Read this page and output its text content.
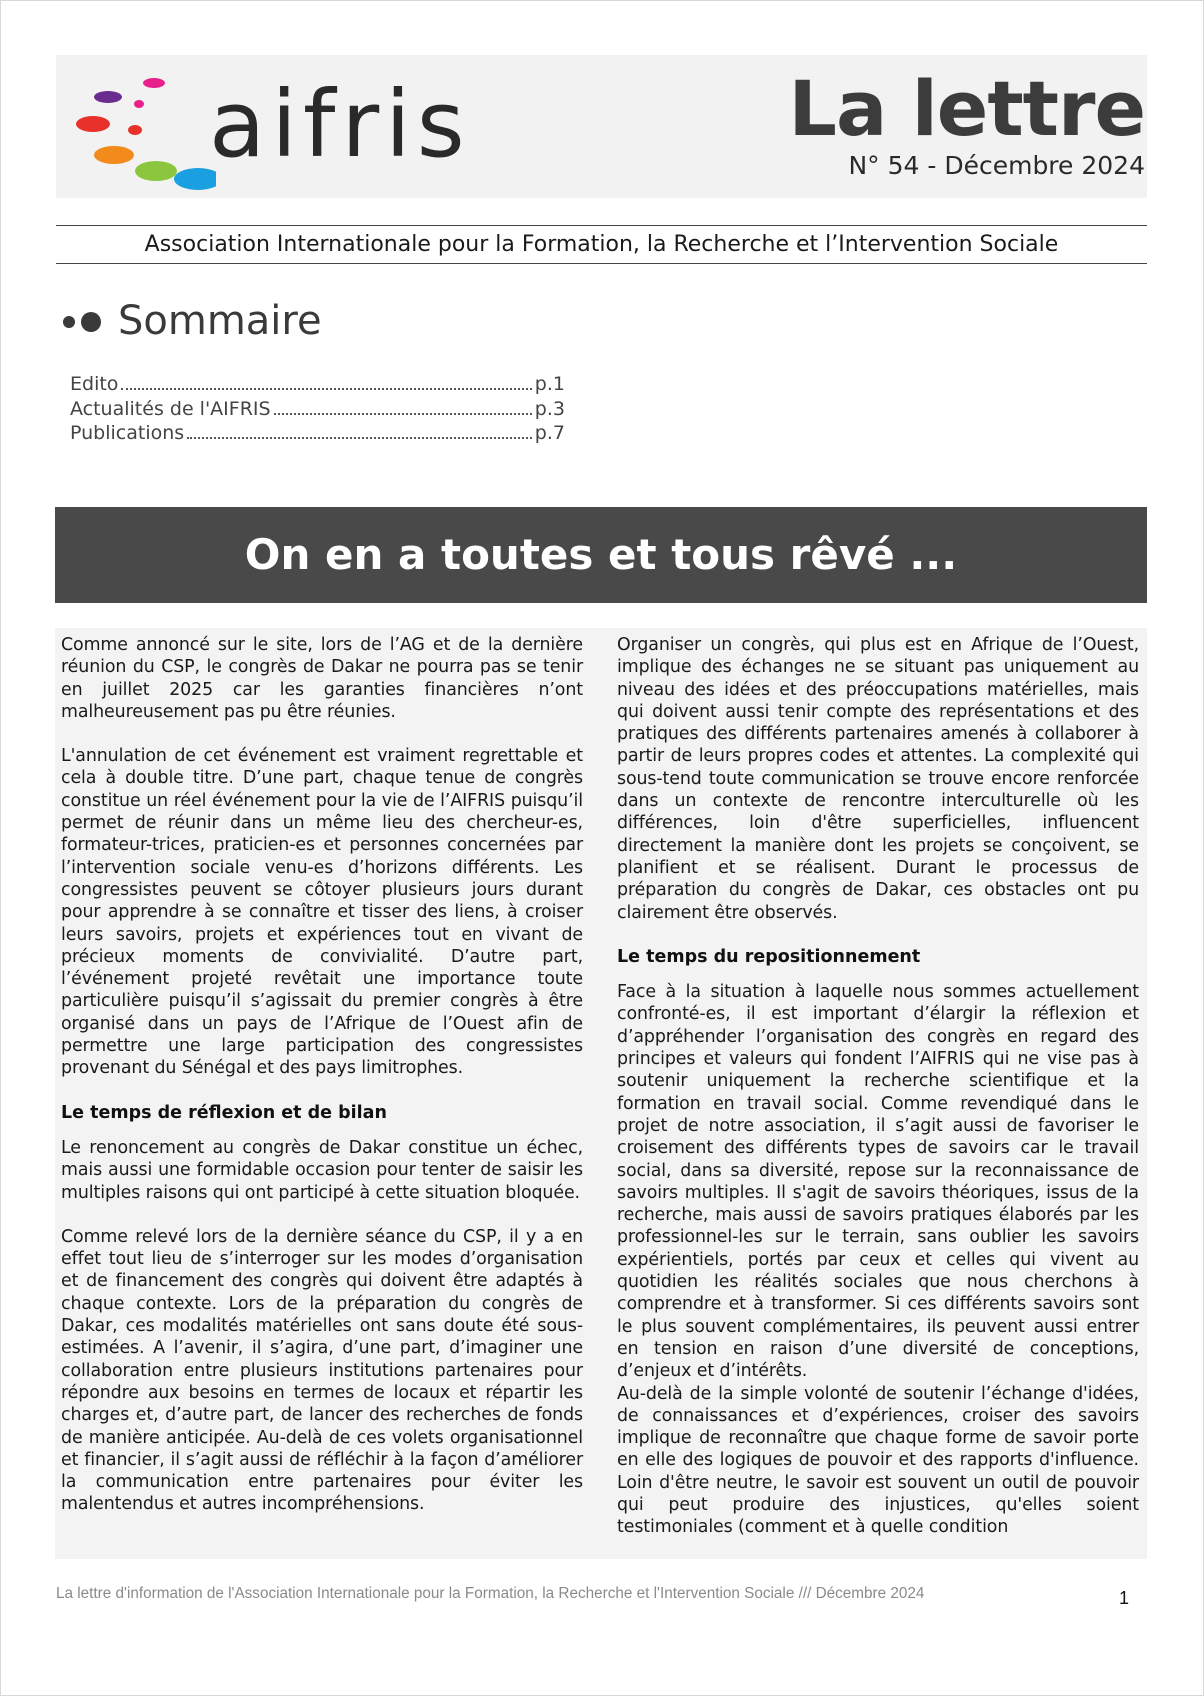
aifris	La lettre
N° 54 - Décembre 2024
Association Internationale pour la Formation, la Recherche et l’Intervention Sociale
Sommaire
Edito	p.1
Actualités de l'AIFRIS	p.3
Publications	p.7
On en a toutes et tous rêvé ...

Comme annoncé sur le site, lors de l’AG et de la dernière réunion du CSP, le congrès de Dakar ne pourra pas se tenir en juillet 2025 car les garanties financières n’ont malheureusement pas pu être réunies.

L'annulation de cet événement est vraiment regrettable et cela à double titre. D’une part, chaque tenue de congrès constitue un réel événement pour la vie de l’AIFRIS puisqu’il permet de réunir dans un même lieu des chercheur-es, formateur-trices, praticien-es et personnes concernées par l’intervention sociale venu-es d’horizons différents. Les congressistes peuvent se côtoyer plusieurs jours durant pour apprendre à se connaître et tisser des liens, à croiser leurs savoirs, projets et expériences tout en vivant de précieux moments de convivialité. D’autre part, l’événement projeté revêtait une importance toute particulière puisqu’il s’agissait du premier congrès à être organisé dans un pays de l’Afrique de l’Ouest afin de permettre une large participation des congressistes provenant du Sénégal et des pays limitrophes.

Le temps de réflexion et de bilan

Le renoncement au congrès de Dakar constitue un échec, mais aussi une formidable occasion pour tenter de saisir les multiples raisons qui ont participé à cette situation bloquée.

Comme relevé lors de la dernière séance du CSP, il y a en effet tout lieu de s’interroger sur les modes d’organisation et de financement des congrès qui doivent être adaptés à chaque contexte. Lors de la préparation du congrès de Dakar, ces modalités matérielles ont sans doute été sous-estimées. A l’avenir, il s’agira, d’une part, d’imaginer une collaboration entre plusieurs institutions partenaires pour répondre aux besoins en termes de locaux et répartir les charges et, d’autre part, de lancer des recherches de fonds de manière anticipée. Au-delà de ces volets organisationnel et financier, il s’agit aussi de réfléchir à la façon d’améliorer la communication entre partenaires pour éviter les malentendus et autres incompréhensions.

Organiser un congrès, qui plus est en Afrique de l’Ouest, implique des échanges ne se situant pas uniquement au niveau des idées et des préoccupations matérielles, mais qui doivent aussi tenir compte des représentations et des pratiques des différents partenaires amenés à collaborer à partir de leurs propres codes et attentes. La complexité qui sous-tend toute communication se trouve encore renforcée dans un contexte de rencontre interculturelle où les différences, loin d'être superficielles, influencent directement la manière dont les projets se conçoivent, se planifient et se réalisent. Durant le processus de préparation du congrès de Dakar, ces obstacles ont pu clairement être observés.

Le temps du repositionnement

Face à la situation à laquelle nous sommes actuellement confronté-es, il est important d’élargir la réflexion et d’appréhender l’organisation des congrès en regard des principes et valeurs qui fondent l’AIFRIS qui ne vise pas à soutenir uniquement la recherche scientifique et la formation en travail social. Comme revendiqué dans le projet de notre association, il s’agit aussi de favoriser le croisement des différents types de savoirs car le travail social, dans sa diversité, repose sur la reconnaissance de savoirs multiples. Il s'agit de savoirs théoriques, issus de la recherche, mais aussi de savoirs pratiques élaborés par les professionnel-les sur le terrain, sans oublier les savoirs expérientiels, portés par ceux et celles qui vivent au quotidien les réalités sociales que nous cherchons à comprendre et à transformer. Si ces différents savoirs sont le plus souvent complémentaires, ils peuvent aussi entrer en tension en raison d’une diversité de conceptions, d’enjeux et d’intérêts.

Au-delà de la simple volonté de soutenir l’échange d'idées, de connaissances et d’expériences, croiser des savoirs implique de reconnaître que chaque forme de savoir porte en elle des logiques de pouvoir et des rapports d'influence. Loin d'être neutre, le savoir est souvent un outil de pouvoir qui peut produire des injustices, qu'elles soient testimoniales (comment et à quelle condition

La lettre d'information de l'Association Internationale pour la Formation, la Recherche et l'Intervention Sociale /// Décembre 2024	1
